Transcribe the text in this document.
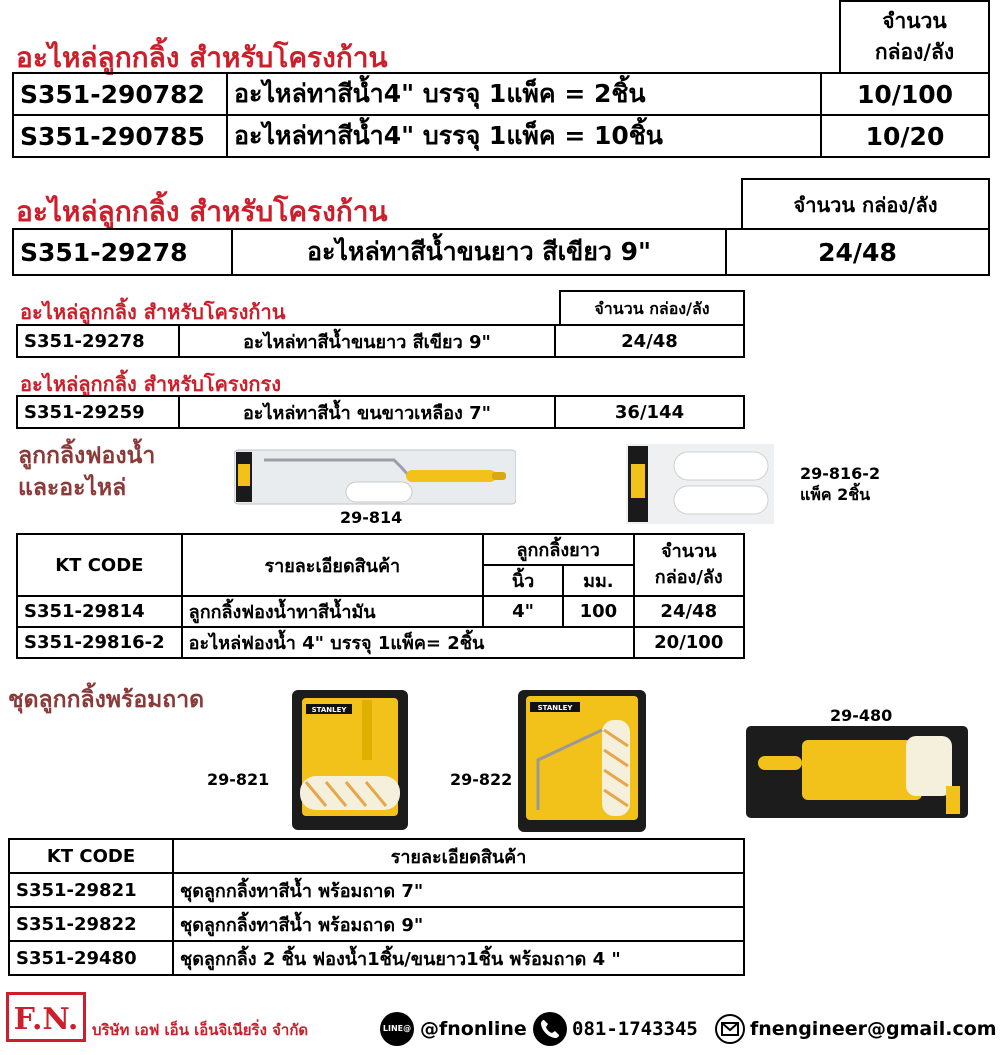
อะไหล่ลูกกลิ้ง สำหรับโครงก้าน
จำนวน
กล่อง/ลัง
S351-290782	อะไหล่ทาสีน้ำ4" บรรจุ 1แพ็ค = 2ชิ้น	10/100
S351-290785	อะไหล่ทาสีน้ำ4" บรรจุ 1แพ็ค = 10ชิ้น	10/20
อะไหล่ลูกกลิ้ง สำหรับโครงก้าน	จำนวน กล่อง/ลัง
S351-29278	อะไหล่ทาสีน้ำขนยาว สีเขียว 9"	24/48
อะไหล่ลูกกลิ้ง สำหรับโครงก้าน	จำนวน กล่อง/ลัง
S351-29278	อะไหล่ทาสีน้ำขนยาว สีเขียว 9"	24/48
อะไหล่ลูกกลิ้ง สำหรับโครงกรง
S351-29259	อะไหล่ทาสีน้ำ ขนขาวเหลือง 7"	36/144
ลูกกลิ้งฟองน้ำ
และอะไหล่
29-814
29-816-2
แพ็ค 2ชิ้น
KT CODE	รายละเอียดสินค้า	ลูกกลิ้งยาว		จำนวน
กล่อง/ลัง

		นิ้ว	มม.	
S351-29814	ลูกกลิ้งฟองน้ำทาสีน้ำมัน	4"	100	24/48
S351-29816-2	อะไหล่ฟองน้ำ 4" บรรจุ 1แพ็ค= 2ชิ้น			20/100
ชุดลูกกลิ้งพร้อมถาด	STANLEY
29-821
STANLEY
29-822
29-480
KT CODE	รายละเอียดสินค้า
S351-29821	ชุดลูกกลิ้งทาสีน้ำ พร้อมถาด 7"
S351-29822	ชุดลูกกลิ้งทาสีน้ำ พร้อมถาด 9"
S351-29480	ชุดลูกกลิ้ง 2 ชิ้น ฟองน้ำ1ชิ้น/ขนยาว1ชิ้น พร้อมถาด 4 "
F.N. บริษัท เอฟ เอ็น เอ็นจิเนียริ่ง จำกัด	LINE@ @fnonline 081-1743345	fnengineer@gmail.com
